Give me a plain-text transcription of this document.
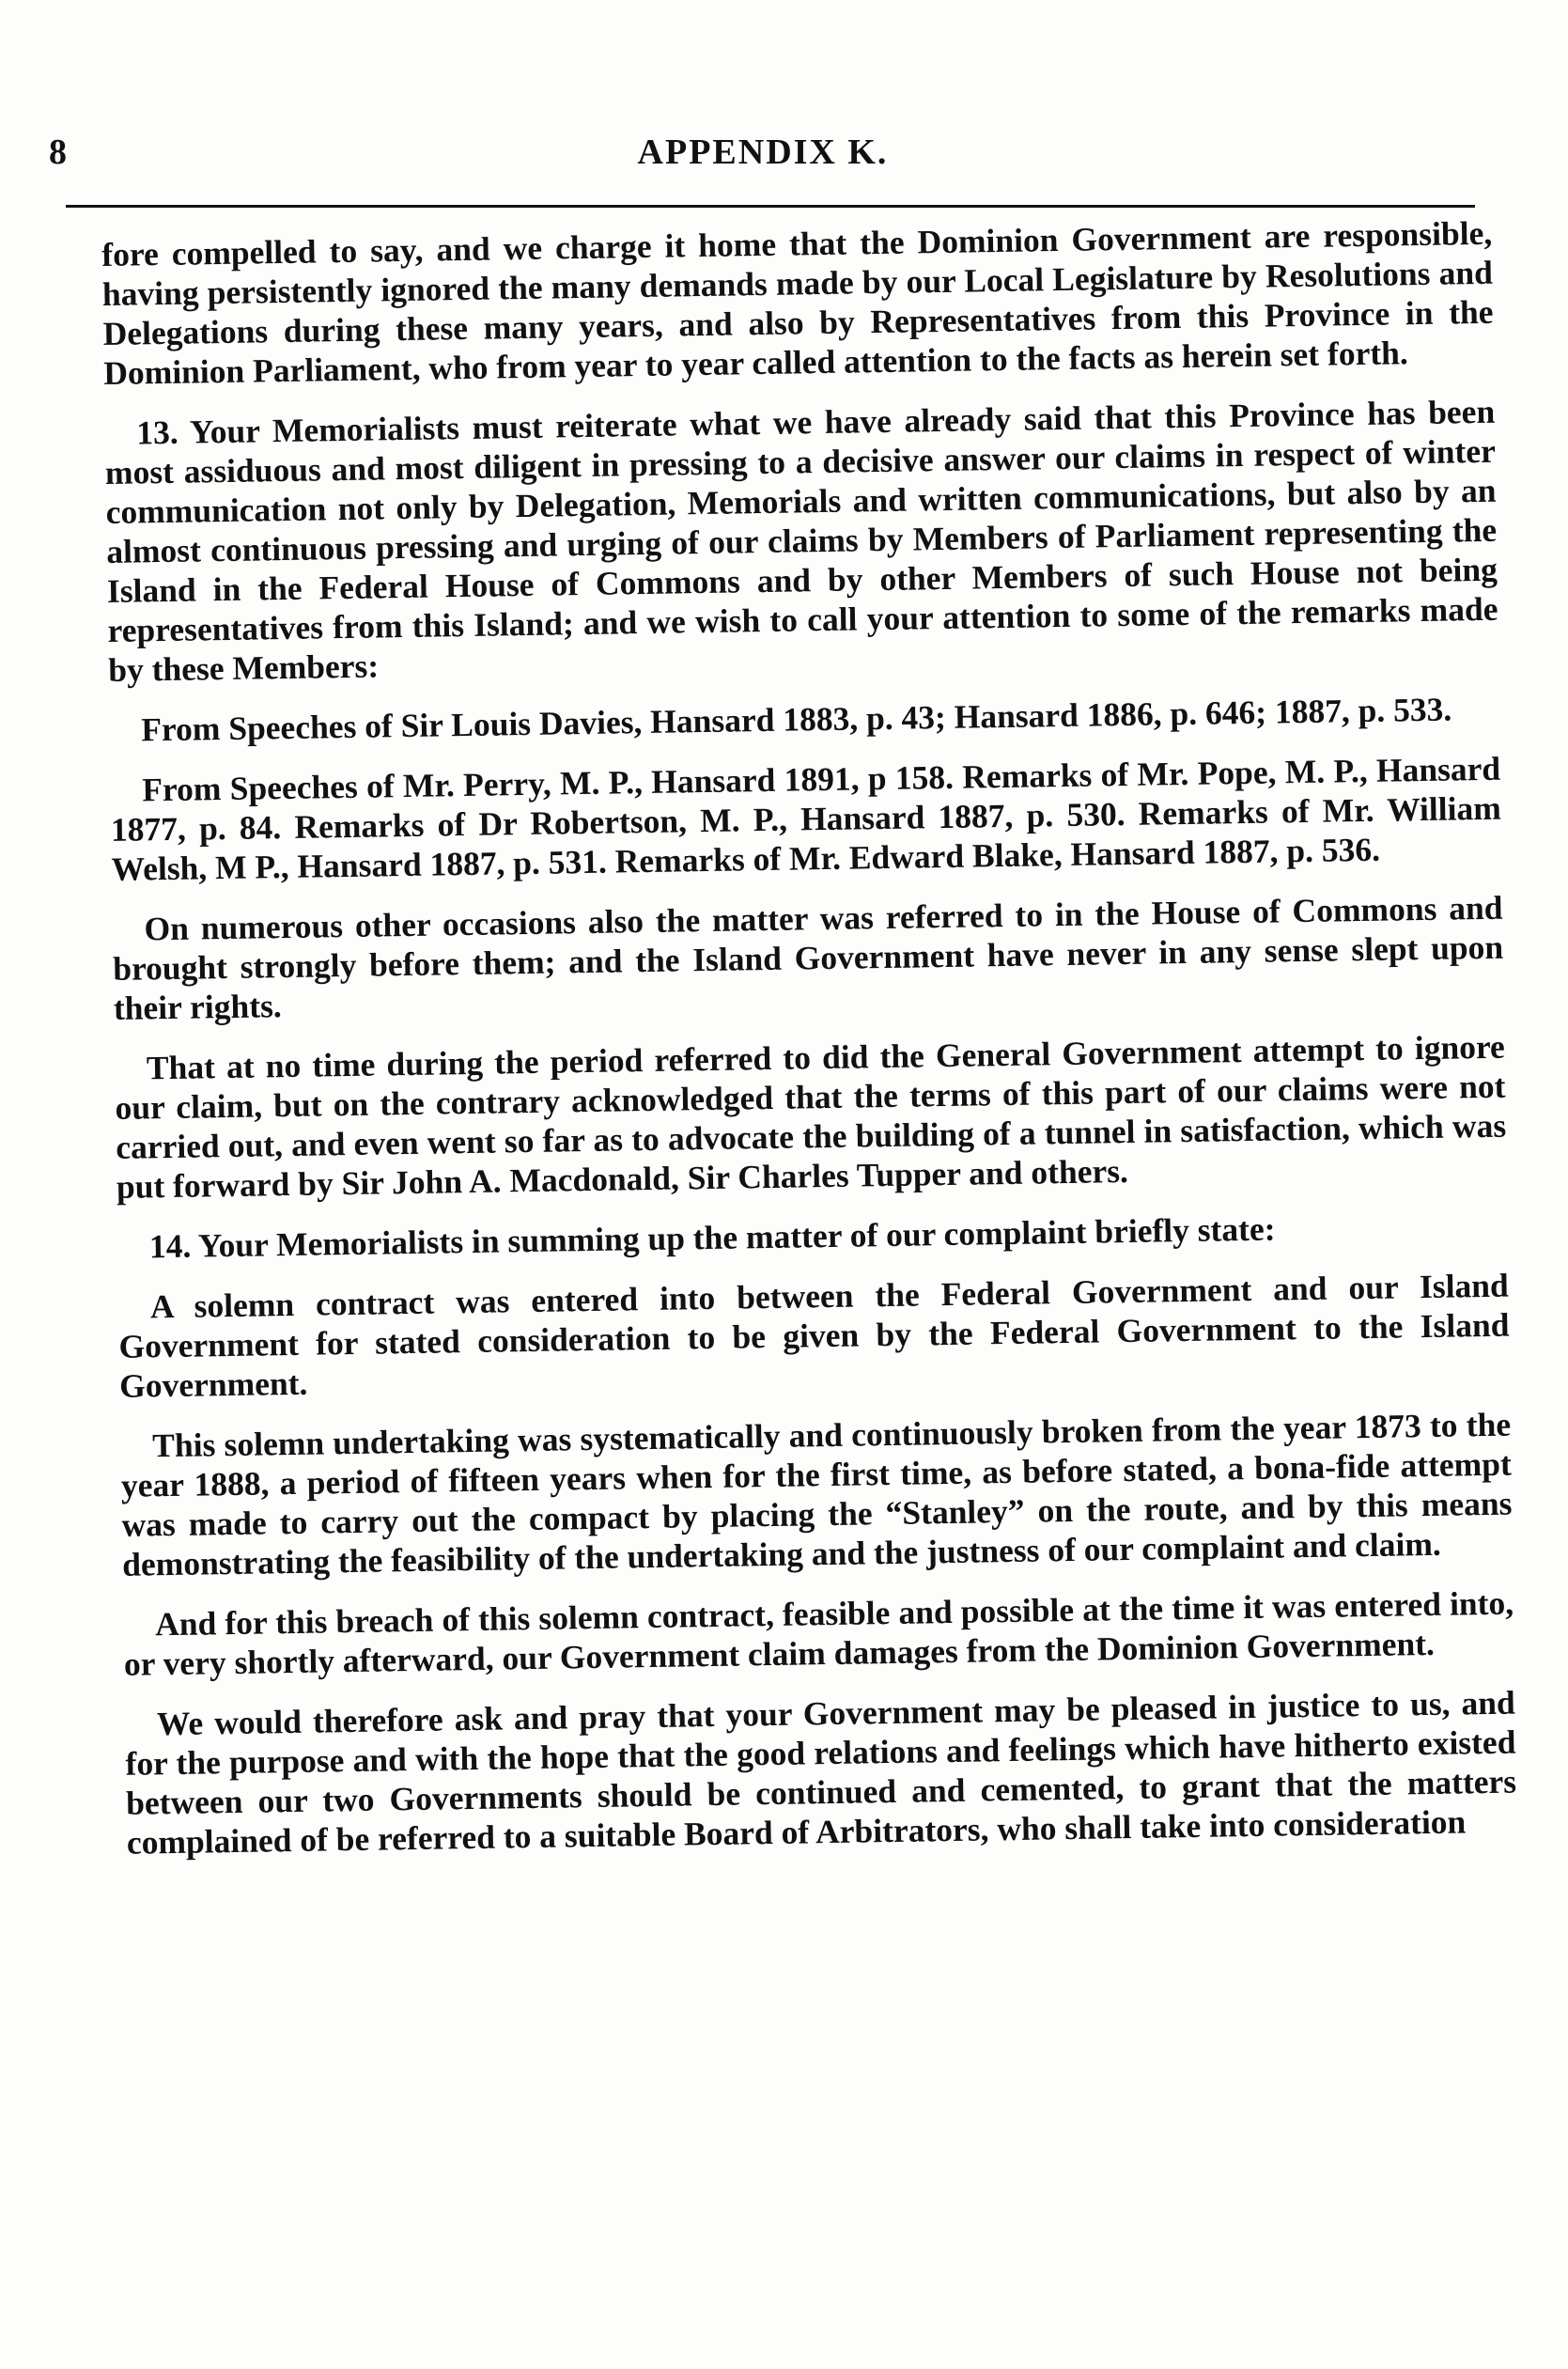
8	APPENDIX K.

fore compelled to say, and we charge it home that the Dominion Government are responsible, having persistently ignored the many demands made by our Local Legislature by Resolutions and Delegations during these many years, and also by Representatives from this Province in the Dominion Parliament, who from year to year called attention to the facts as herein set forth.

13. Your Memorialists must reiterate what we have already said that this Province has been most assiduous and most diligent in pressing to a decisive answer our claims in respect of winter communication not only by Delegation, Memorials and written communications, but also by an almost continuous pressing and urging of our claims by Members of Parliament representing the Island in the Federal House of Commons and by other Members of such House not being representatives from this Island; and we wish to call your attention to some of the remarks made by these Members:

From Speeches of Sir Louis Davies, Hansard 1883, p. 43; Hansard 1886, p. 646; 1887, p. 533.

From Speeches of Mr. Perry, M. P., Hansard 1891, p 158. Remarks of Mr. Pope, M. P., Hansard 1877, p. 84. Remarks of Dr Robertson, M. P., Hansard 1887, p. 530. Remarks of Mr. William Welsh, M P., Hansard 1887, p. 531. Remarks of Mr. Edward Blake, Hansard 1887, p. 536.

On numerous other occasions also the matter was referred to in the House of Commons and brought strongly before them; and the Island Government have never in any sense slept upon their rights.

That at no time during the period referred to did the General Government attempt to ignore our claim, but on the contrary acknowledged that the terms of this part of our claims were not carried out, and even went so far as to advocate the building of a tunnel in satisfaction, which was put forward by Sir John A. Macdonald, Sir Charles Tupper and others.

14. Your Memorialists in summing up the matter of our complaint briefly state:

A solemn contract was entered into between the Federal Government and our Island Government for stated consideration to be given by the Federal Government to the Island Government.

This solemn undertaking was systematically and continuously broken from the year 1873 to the year 1888, a period of fifteen years when for the first time, as before stated, a bona-fide attempt was made to carry out the compact by placing the “Stanley” on the route, and by this means demonstrating the feasibility of the undertaking and the justness of our complaint and claim.

And for this breach of this solemn contract, feasible and possible at the time it was entered into, or very shortly afterward, our Government claim damages from the Dominion Government.

We would therefore ask and pray that your Government may be pleased in justice to us, and for the purpose and with the hope that the good relations and feelings which have hitherto existed between our two Governments should be continued and cemented, to grant that the matters complained of be referred to a suitable Board of Arbitrators, who shall take into consideration
